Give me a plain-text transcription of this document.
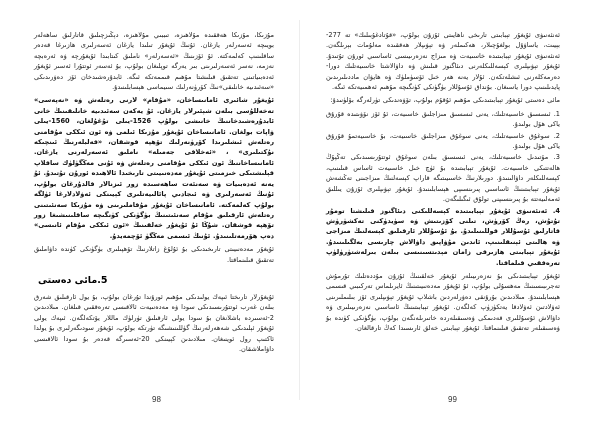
مۇزىكا، مۇزىكا ھەققىدە مۇلاھىزە، تىببىي مۇلاھىزە، دېڭىزچىلىق قاتارلىق ساھەلەر بويىچە ئەسەرلەر يازغان. ئۇنىڭ ئۇيغۇر تىلىدا يازغان ئەسەرلىرى ھازىرغا قەدەر ساقلىنىپ كەلمەكتە. ئۇ ئۆزىنىڭ «ئەسەرلەر» ناملىق كىتابىدا ئۇيغۇرچە ۋە ئەرەبچە نەزمە، نەسر ئەسەرلىرىنى بىر يەرگە توپلىغان بولۇپ، بۇ ئەسەر ئوتتۇرا ئەسىر ئۇيغۇر ئەدەبىياتىنى تەتقىق قىلىشتا مۇھىم قىممەتكە ئىگە. ئابدۇرەشىدخان ئۆز دەۋرىدىكى «سەئىدىيە خانلىقى»نىڭ كۆرۈنەرلىك سىيماسى ھېسابلىنىدۇ.

ئۇيغۇر شائىرى ئامانىساخان، «مۇقام» لارنى رەتلەش ۋە «نەپەسى» تەخەللۇسى بىلەن شېئىرلار يازغان. ئۇ يەكەن سەئىدىيە خانلىقىنىڭ خانى ئابدۇرەشىدخاننىڭ خانىشى بولۇپ 1526-يىلى تۇغۇلغان، 1560-يىلى ۋاپات بولغان. ئامانىساخان ئۇيغۇر مۇزىكا ئىلمى ۋە ئون ئىككى مۇقامنى رەتلەش ئىشلىرىدا كۆرۈنەرلىك تۆھپە قوشقان، «قەلبلەرنىڭ ئىنچىكە نۇكتىلىرى» ، «ئەخلاقى جەمىلە» ناملىق ئەسەرلەرنى يازغان. ئامانىساخاننىڭ ئون ئىككى مۇقامنى رەتلەش ۋە ئۇنى مەڭگۈلۈك ساقلاپ قېلىشتىكى خىزمىتى ئۇيغۇر مەدەنىيىتى تارىخىدا ئالاھىدە ئورۇن تۇتىدۇ. ئۇ يەنە ئەدەبىيات ۋە سەنئەت ساھەسىدە زور ئىزنالار قالدۇرغان بولۇپ، ئۇنىڭ ئەسەرلىرى ۋە ئىجادىي پائالىيەتلىرى كېيىنكى ئەۋلادلارغا ئۈلگە بولۇپ كەلمەكتە. ئامانىساخان ئۇيغۇر مۇقاملىرىنى ۋە مۇزىكا سەنئىتىنى رەتلەش ئارقىلىق مۇقام سەنئىتىنىڭ بۈگۈنكى كۈنگىچە ساقلىنىشىغا زور تۆھپە قوشقان. شۇڭا ئۇ ئۇيغۇر خەلقىنىڭ «ئون ئىككى مۇقام ئانىسى» دەپ ھۆرمەتلىنىدۇ. ئۇنىڭ ئىسمى مەڭگۈ ئۆچمەيدۇ.

ئۇيغۇر مەدەنىيىتى تارىخىدىكى بۇ ئۇلۇغ زاتلارنىڭ تۆھپىلىرى بۈگۈنكى كۈندە داۋاملىق تەتقىق قىلىنماقتا.

5.مائى دەستى

ئۇيغۇرلار تارىختا ئىپەك يولىدىكى مۇھىم ئورۇندا تۇرغان بولۇپ، بۇ يول ئارقىلىق شەرق بىلەن غەرب ئوتتۇرىسىدىكى سودا ۋە مەدەنىيەت ئالاقىسى تەرەققىي قىلغان. مىلادىدىن 2-ئەسىردە باشلانغان بۇ سودا يولى ئارقىلىق تۈرلۈك ماللار يۆتكەلگەن. ئىپەك يولى ئۇيغۇر ئېلىدىكى شەھەرلەرنىڭ گۈللىنىشىگە تۈرتكە بولۇپ، ئۇيغۇر سودىگەرلىرى بۇ يولدا ئاكتىپ رول ئوينىغان. مىلادىدىن كېيىنكى 20-ئەسىرگە قەدەر بۇ سودا ئالاقىسى داۋاملاشقان.

98

ئەنئەنىۋى ئۇيغۇر تېبابىتى تارىخى ناھايىتى ئۇزۇن بولۇپ، «قۇتادغۇبىلىك» تە 277-بېيىت، ياساۋۇل بولغۇچىلار، ھەكىملەر ۋە تېۋىپلار ھەققىدە مەلۇمات بېرىلگەن. ئەنئەنىۋى ئۇيغۇر تېبابىتىدە خاسىيەت ۋە مىزاج نەزەرىيىسى ئاساسىي ئورۇن تۇتىدۇ. ئۇيغۇر تېۋىپلىرى كېسەللىكلەرنى دىئاگنوز قىلىش ۋە داۋالاشتا خاسىيەتلىك دورا-دەرمەكلەرنى ئىشلەتكەن. ئۇلار يەنە ھەر خىل ئۆسۈملۈك ۋە ھايۋان ماددىلىرىدىن پايدىلىنىپ دورا ياسىغان. بۇنداق ئۇسۇللار بۈگۈنكى كۈنگىچە مۇھىم ئەھمىيەتكە ئىگە.

مائى دەستى ئۇيغۇر تېبابىتىدىكى مۇھىم ئۇقۇم بولۇپ، تۆۋەندىكى تۈرلەرگە بۆلۈنىدۇ:

1. ئىسسىق خاسىيەتلىك، يەنى ئىسسىق مىزاجلىق خاسىيەت، ئۇ ئۆز نۆۋىتىدە قۇرۇق ياكى ھۆل بولىدۇ.

2. سوغۇق خاسىيەتلىك، يەنى سوغۇق مىزاجلىق خاسىيەت، بۇ خاسىيەتمۇ قۇرۇق ياكى ھۆل بولىدۇ.

3. مۆتىدىل خاسىيەتلىك، يەنى ئىسسىق بىلەن سوغۇق ئوتتۇرىسىدىكى تەڭپۇڭ ھالەتتىكى خاسىيەت. ئۇيغۇر تېبابىتىدە بۇ ئۈچ خىل خاسىيەت ئاساس قىلىنىپ، كېسەللىكلەر داۋالىنىدۇ. دورىلارنىڭ خاسىيىتىگە قاراپ كېسەلنىڭ مىزاجىنى تەڭشەش ئۇيغۇر تېبابىتىنىڭ ئاساسىي پىرىنسىپى ھېسابلىنىدۇ. ئۇيغۇر تېۋىپلىرى ئۇزۇن يىللىق ئەمەلىيەتتە بۇ پىرىنسىپنى تولۇق ئىگىلىگەن.

4. ئەنئەنىۋى ئۇيغۇر تېبابىتىدە كېسەللىكنى دىئاگنوز قىلىشتا تومۇر تۇتۇش، رەڭ كۆرۈش، تىلنى كۆزىتىش ۋە سۈيدۈكنى تەكشۈرۈش قاتارلىق ئۇسۇللار قوللىنىلىدۇ. بۇ ئۇسۇللار ئارقىلىق كېسەلنىڭ مىزاجى ۋە ھالىتى ئېنىقلىنىپ، ئاندىن مۇۋاپىق داۋالاش چارىسى بەلگىلىنىدۇ. ئۇيغۇر تېبابىتى ھازىرقى زامان مېدىتسىنىسى بىلەن بىرلەشتۈرۈلۈپ تەرەققىي قىلماقتا.

ئۇيغۇر تېبابىتىدىكى بۇ نەزەرىيىلەر ئۇيغۇر خەلقىنىڭ ئۇزۇن مۇددەتلىك تۇرمۇش تەجرىبىسىنىڭ مەھسۇلى بولۇپ، ئۇ ئۇيغۇر مەدەنىيىتىنىڭ ئايرىلماس تەركىبىي قىسمى ھېسابلىنىدۇ. مىلادىدىن بۇرۇنقى دەۋرلەردىن باشلاپ ئۇيغۇر تېۋىپلىرى ئۆز بىلىملىرىنى ئەۋلادتىن ئەۋلادقا يەتكۈزۈپ كەلگەن. ئۇيغۇر تېبابىتىنىڭ ئاساسىي نەزەرىيىلىرى ۋە داۋالاش ئۇسۇللىرى قەدىمكى ۋەسىقىلەردە خاتىرىلەنگەن بولۇپ، بۈگۈنكى كۈندە بۇ ۋەسىقىلەر تەتقىق قىلىنماقتا. ئۇيغۇر تېبابىتى خەلق ئارىسىدا كەڭ تارقالغان.

99
